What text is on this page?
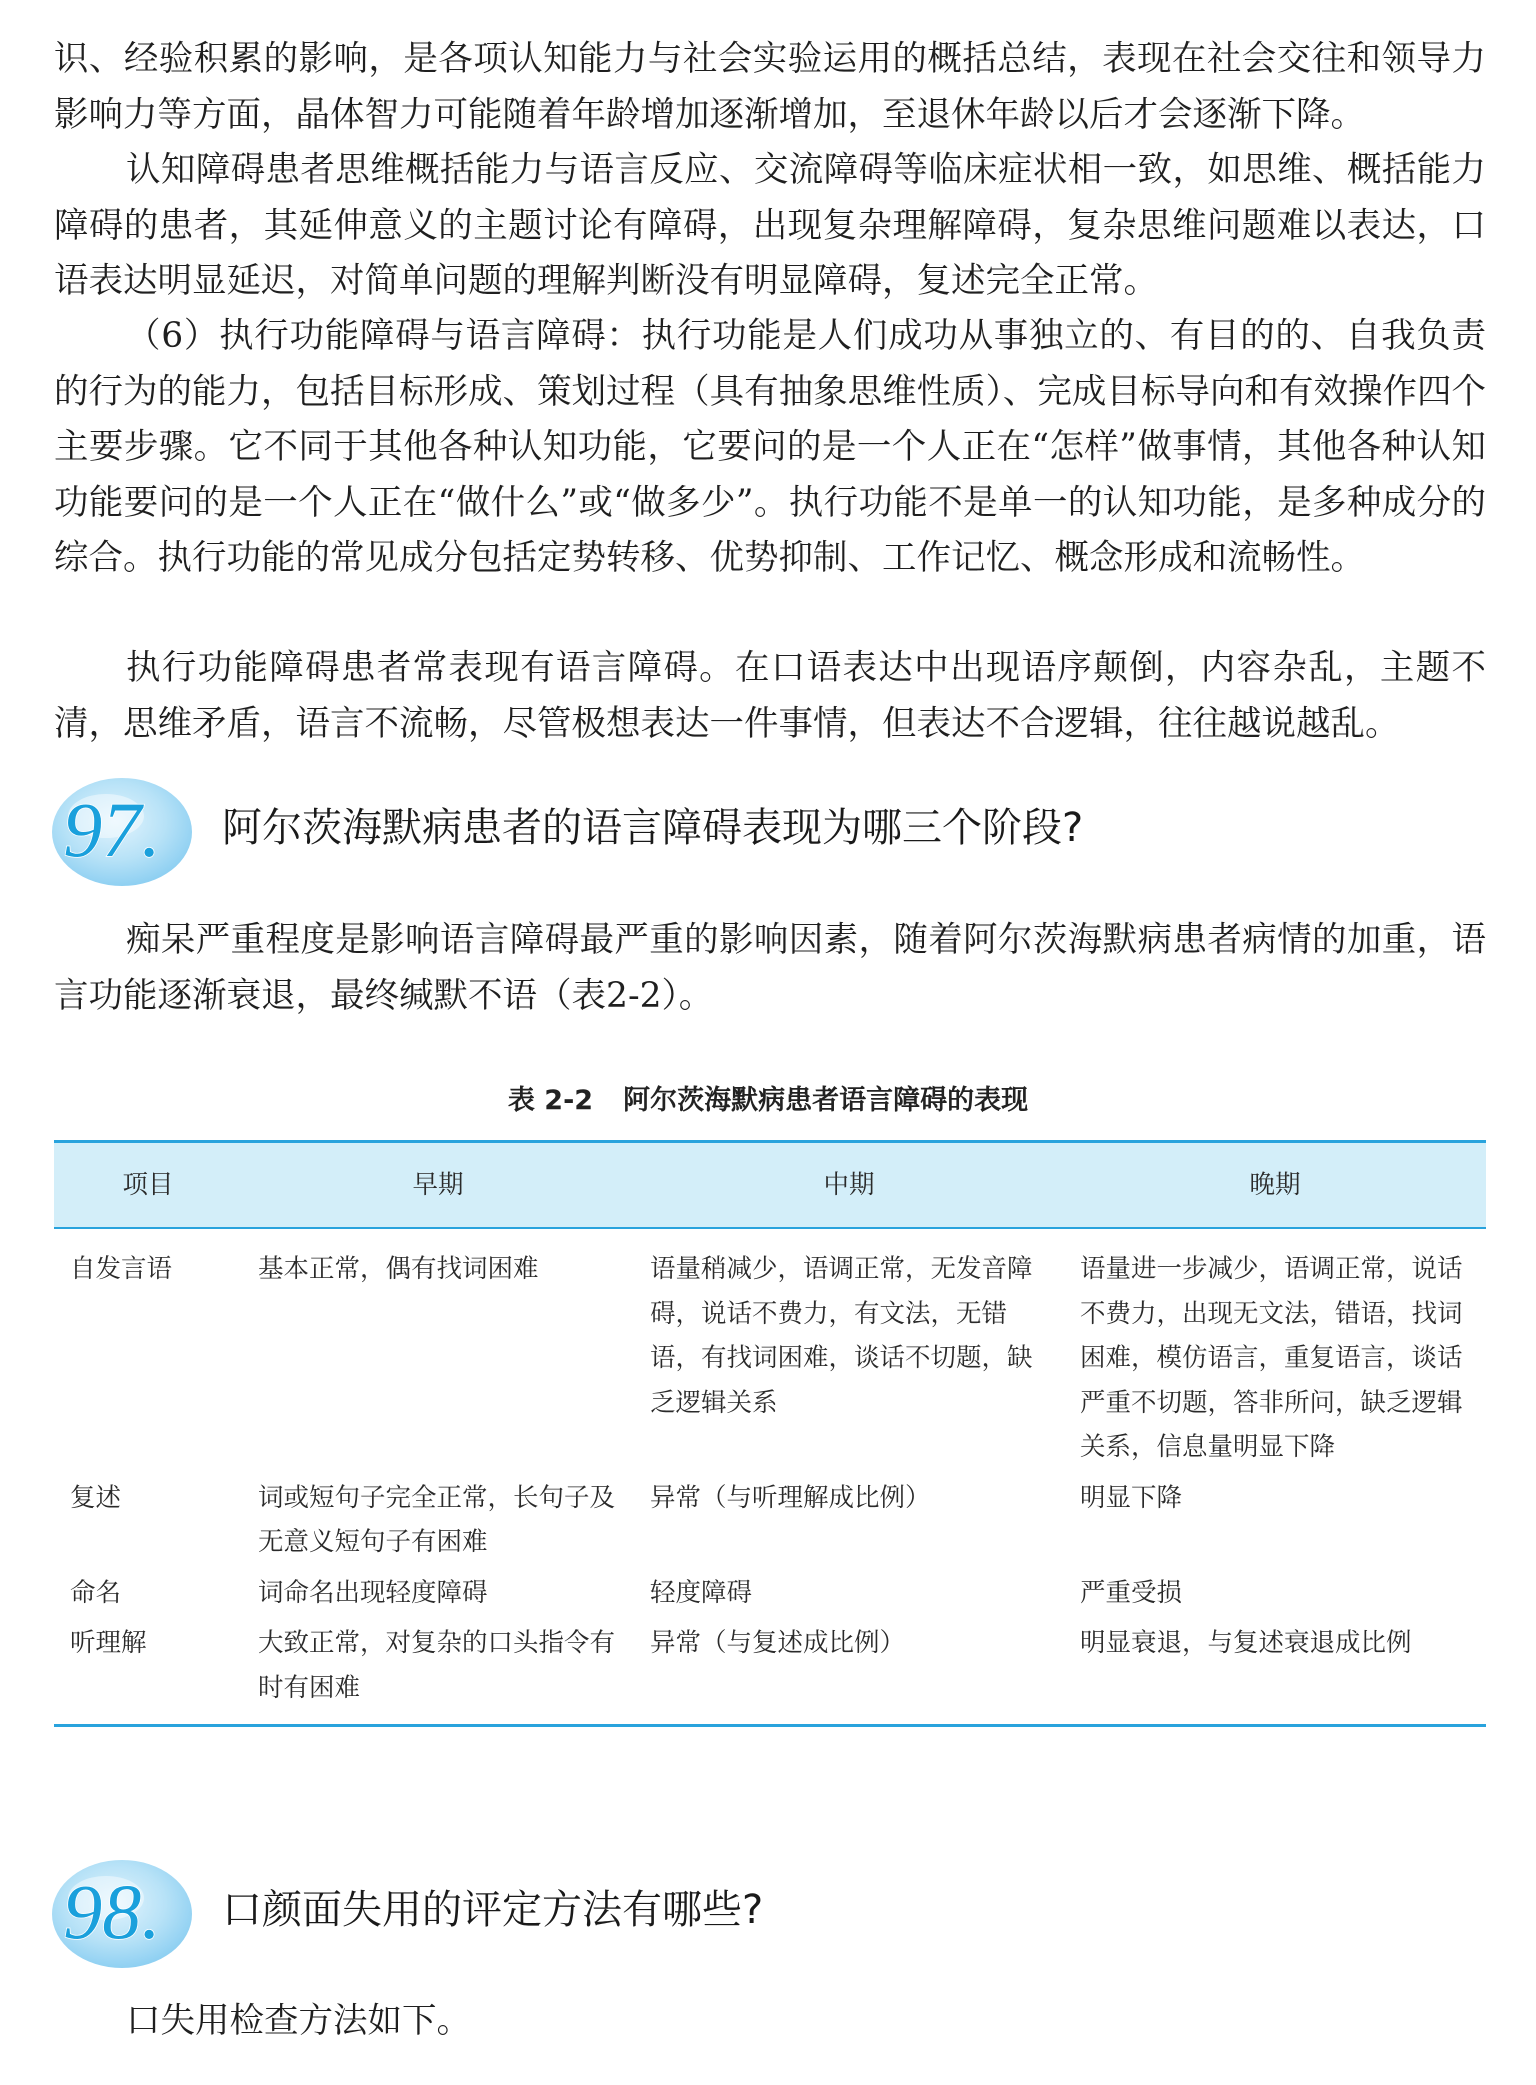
识、经验积累的影响，是各项认知能力与社会实验运用的概括总结，表现在社会交往和领导力影响力等方面，晶体智力可能随着年龄增加逐渐增加，至退休年龄以后才会逐渐下降。

认知障碍患者思维概括能力与语言反应、交流障碍等临床症状相一致，如思维、概括能力障碍的患者，其延伸意义的主题讨论有障碍，出现复杂理解障碍，复杂思维问题难以表达，口语表达明显延迟，对简单问题的理解判断没有明显障碍，复述完全正常。

（6）执行功能障碍与语言障碍：执行功能是人们成功从事独立的、有目的的、自我负责的行为的能力，包括目标形成、策划过程（具有抽象思维性质）、完成目标导向和有效操作四个主要步骤。它不同于其他各种认知功能，它要问的是一个人正在“怎样”做事情，其他各种认知功能要问的是一个人正在“做什么”或“做多少”。执行功能不是单一的认知功能，是多种成分的综合。执行功能的常见成分包括定势转移、优势抑制、工作记忆、概念形成和流畅性。

执行功能障碍患者常表现有语言障碍。在口语表达中出现语序颠倒，内容杂乱，主题不清，思维矛盾，语言不流畅，尽管极想表达一件事情，但表达不合逻辑，往往越说越乱。

97. 阿尔茨海默病患者的语言障碍表现为哪三个阶段?

痴呆严重程度是影响语言障碍最严重的影响因素，随着阿尔茨海默病患者病情的加重，语言功能逐渐衰退，最终缄默不语（表2-2）。

表 2-2 阿尔茨海默病患者语言障碍的表现
项目	早期	中期	晚期
自发言语	基本正常，偶有找词困难	语量稍减少，语调正常，无发音障碍，说话不费力，有文法，无错语，有找词困难，谈话不切题，缺乏逻辑关系	语量进一步减少，语调正常，说话不费力，出现无文法，错语，找词困难，模仿语言，重复语言，谈话严重不切题，答非所问，缺乏逻辑关系，信息量明显下降
复述	词或短句子完全正常，长句子及无意义短句子有困难	异常（与听理解成比例）	明显下降
命名	词命名出现轻度障碍	轻度障碍	严重受损
听理解	大致正常，对复杂的口头指令有时有困难	异常（与复述成比例）	明显衰退，与复述衰退成比例
98. 口颜面失用的评定方法有哪些?

口失用检查方法如下。
